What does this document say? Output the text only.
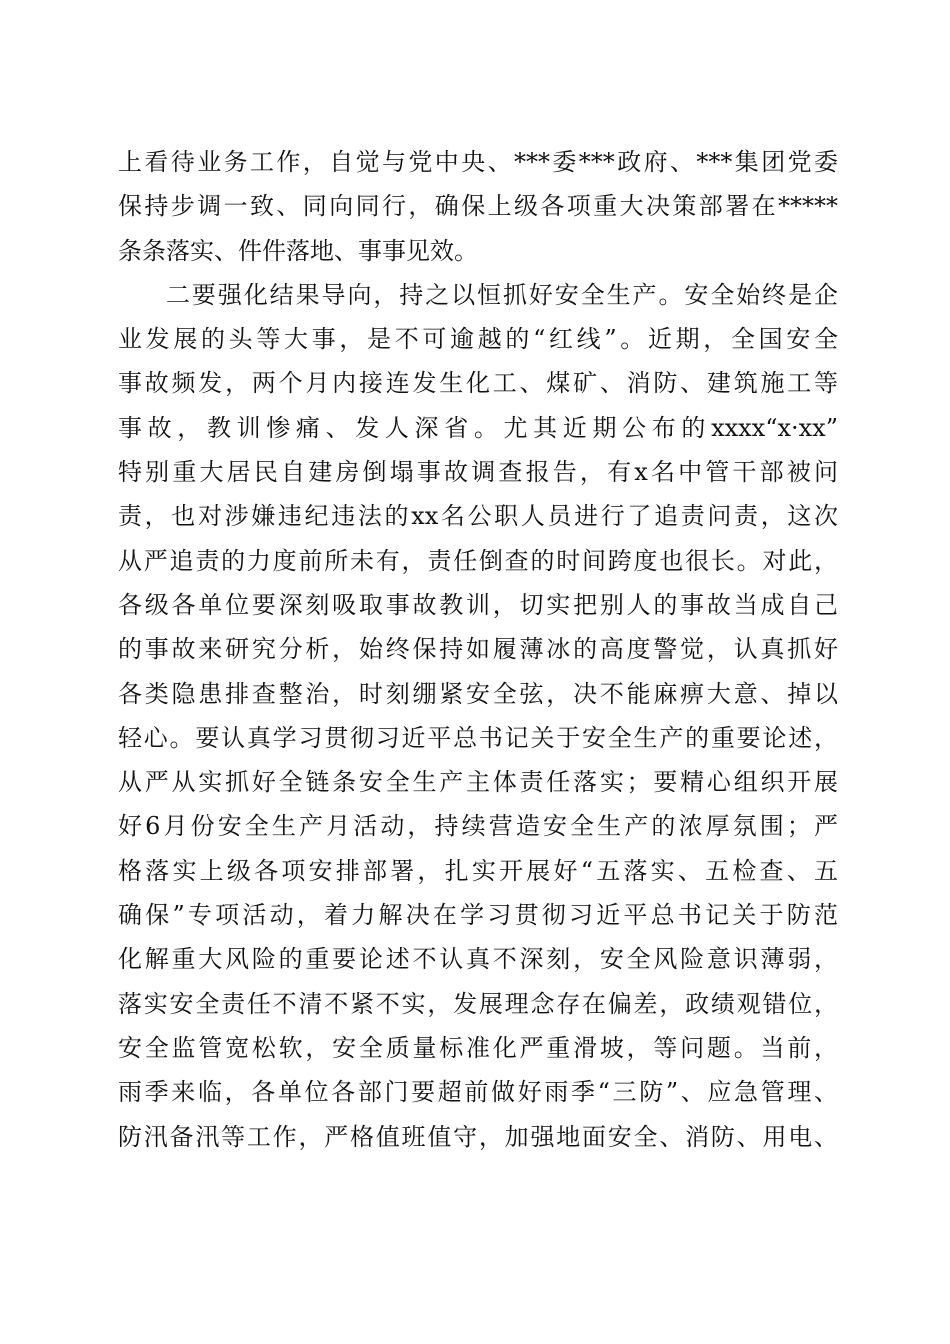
上看待业务工作，自觉与党中央、***委***政府、***集团党委
保持步调一致、同向同行，确保上级各项重大决策部署在*****
条条落实、件件落地、事事见效。
二要强化结果导向，持之以恒抓好安全生产。安全始终是企
业发展的头等大事，是不可逾越的“红线”。近期，全国安全
事故频发，两个月内接连发生化工、煤矿、消防、建筑施工等
事故，教训惨痛、发人深省。尤其近期公布的xxxx“x·xx”
特别重大居民自建房倒塌事故调查报告，有x名中管干部被问
责，也对涉嫌违纪违法的xx名公职人员进行了追责问责，这次
从严追责的力度前所未有，责任倒查的时间跨度也很长。对此，
各级各单位要深刻吸取事故教训，切实把别人的事故当成自己
的事故来研究分析，始终保持如履薄冰的高度警觉，认真抓好
各类隐患排查整治，时刻绷紧安全弦，决不能麻痹大意、掉以
轻心。要认真学习贯彻习近平总书记关于安全生产的重要论述，
从严从实抓好全链条安全生产主体责任落实；要精心组织开展
好6月份安全生产月活动，持续营造安全生产的浓厚氛围；严
格落实上级各项安排部署，扎实开展好“五落实、五检查、五
确保”专项活动，着力解决在学习贯彻习近平总书记关于防范
化解重大风险的重要论述不认真不深刻，安全风险意识薄弱，
落实安全责任不清不紧不实，发展理念存在偏差，政绩观错位，
安全监管宽松软，安全质量标准化严重滑坡，等问题。当前，
雨季来临，各单位各部门要超前做好雨季“三防”、应急管理、
防汛备汛等工作，严格值班值守，加强地面安全、消防、用电、
